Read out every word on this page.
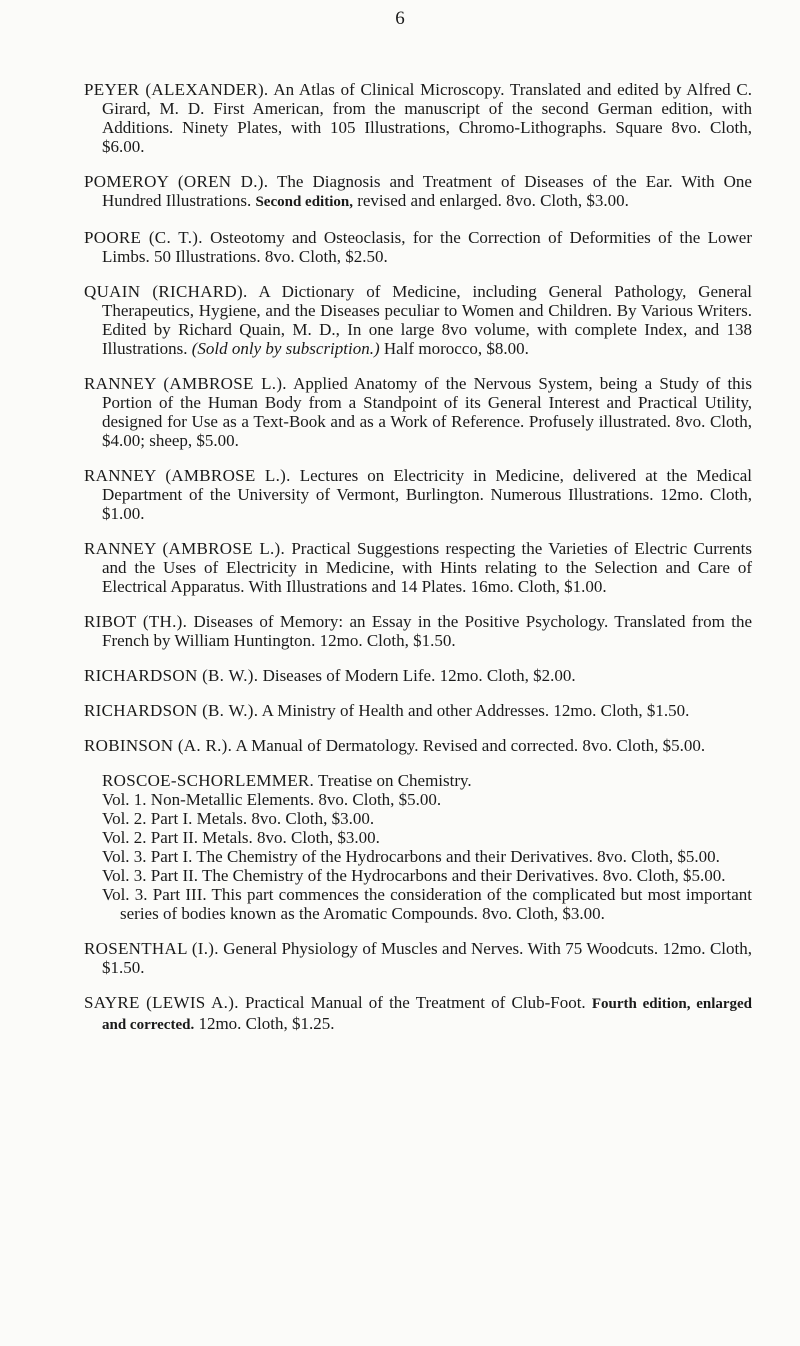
6
PEYER (ALEXANDER). An Atlas of Clinical Microscopy. Translated and edited by Alfred C. Girard, M. D. First American, from the manuscript of the second German edition, with Additions. Ninety Plates, with 105 Illustrations, Chromo-Lithographs. Square 8vo. Cloth, $6.00.
POMEROY (OREN D.). The Diagnosis and Treatment of Diseases of the Ear. With One Hundred Illustrations. Second edition, revised and enlarged. 8vo. Cloth, $3.00.
POORE (C. T.). Osteotomy and Osteoclasis, for the Correction of Deformities of the Lower Limbs. 50 Illustrations. 8vo. Cloth, $2.50.
QUAIN (RICHARD). A Dictionary of Medicine, including General Pathology, General Therapeutics, Hygiene, and the Diseases peculiar to Women and Children. By Various Writers. Edited by Richard Quain, M. D., In one large 8vo volume, with complete Index, and 138 Illustrations. (Sold only by subscription.) Half morocco, $8.00.
RANNEY (AMBROSE L.). Applied Anatomy of the Nervous System, being a Study of this Portion of the Human Body from a Standpoint of its General Interest and Practical Utility, designed for Use as a Text-Book and as a Work of Reference. Profusely illustrated. 8vo. Cloth, $4.00; sheep, $5.00.
RANNEY (AMBROSE L.). Lectures on Electricity in Medicine, delivered at the Medical Department of the University of Vermont, Burlington. Numerous Illustrations. 12mo. Cloth, $1.00.
RANNEY (AMBROSE L.). Practical Suggestions respecting the Varieties of Electric Currents and the Uses of Electricity in Medicine, with Hints relating to the Selection and Care of Electrical Apparatus. With Illustrations and 14 Plates. 16mo. Cloth, $1.00.
RIBOT (TH.). Diseases of Memory: an Essay in the Positive Psychology. Translated from the French by William Huntington. 12mo. Cloth, $1.50.
RICHARDSON (B. W.). Diseases of Modern Life. 12mo. Cloth, $2.00.
RICHARDSON (B. W.). A Ministry of Health and other Addresses. 12mo. Cloth, $1.50.
ROBINSON (A. R.). A Manual of Dermatology. Revised and corrected. 8vo. Cloth, $5.00.

ROSCOE-SCHORLEMMER. Treatise on Chemistry.

Vol. 1. Non-Metallic Elements. 8vo. Cloth, $5.00.

Vol. 2. Part I. Metals. 8vo. Cloth, $3.00.

Vol. 2. Part II. Metals. 8vo. Cloth, $3.00.

Vol. 3. Part I. The Chemistry of the Hydrocarbons and their Derivatives. 8vo. Cloth, $5.00.

Vol. 3. Part II. The Chemistry of the Hydrocarbons and their Derivatives. 8vo. Cloth, $5.00.

Vol. 3. Part III. This part commences the consideration of the complicated but most important series of bodies known as the Aromatic Compounds. 8vo. Cloth, $3.00.

ROSENTHAL (I.). General Physiology of Muscles and Nerves. With 75 Woodcuts. 12mo. Cloth, $1.50.
SAYRE (LEWIS A.). Practical Manual of the Treatment of Club-Foot. Fourth edition, enlarged and corrected. 12mo. Cloth, $1.25.
